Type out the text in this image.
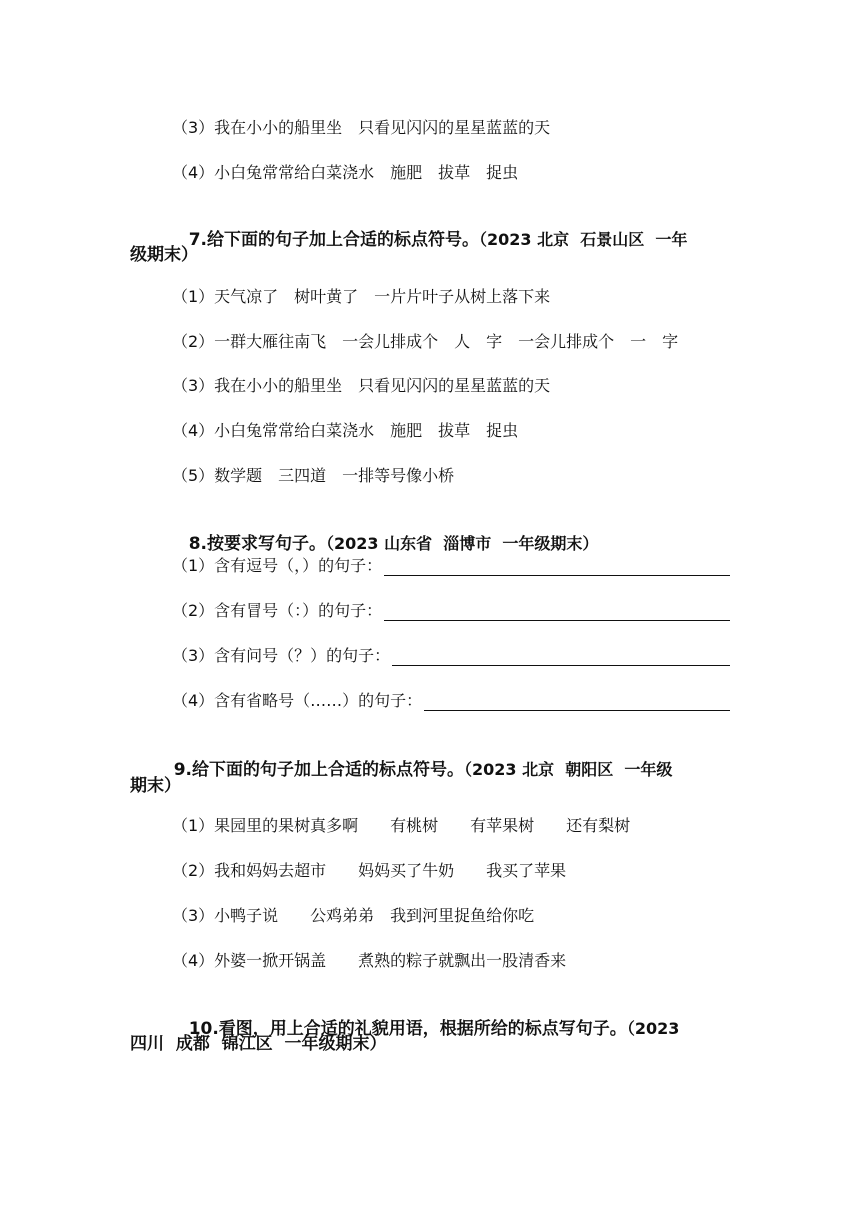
（3）我在小小的船里坐　只看见闪闪的星星蓝蓝的天
（4）小白兔常常给白菜浇水　施肥　拔草　捉虫

7.给下面的句子加上合适的标点符号。（2023 北京  石景山区  一年

级期末）
（1）天气凉了　树叶黄了　一片片叶子从树上落下来
（2）一群大雁往南飞　一会儿排成个　人　字　一会儿排成个　一　字
（3）我在小小的船里坐　只看见闪闪的星星蓝蓝的天
（4）小白兔常常给白菜浇水　施肥　拔草　捉虫
（5）数学题　三四道　一排等号像小桥

8.按要求写句子。（2023 山东省  淄博市  一年级期末）

（1）含有逗号（，）的句子：
（2）含有冒号（：）的句子：
（3）含有问号（？）的句子：
（4）含有省略号（……）的句子：

9.给下面的句子加上合适的标点符号。（2023 北京  朝阳区  一年级

期末）
（1）果园里的果树真多啊　　有桃树　　有苹果树　　还有梨树
（2）我和妈妈去超市　　妈妈买了牛奶　　我买了苹果
（3）小鸭子说　　公鸡弟弟　我到河里捉鱼给你吃
（4）外婆一掀开锅盖　　煮熟的粽子就飘出一股清香来

10.看图，用上合适的礼貌用语，根据所给的标点写句子。（2023

四川  成都  锦江区  一年级期末）
